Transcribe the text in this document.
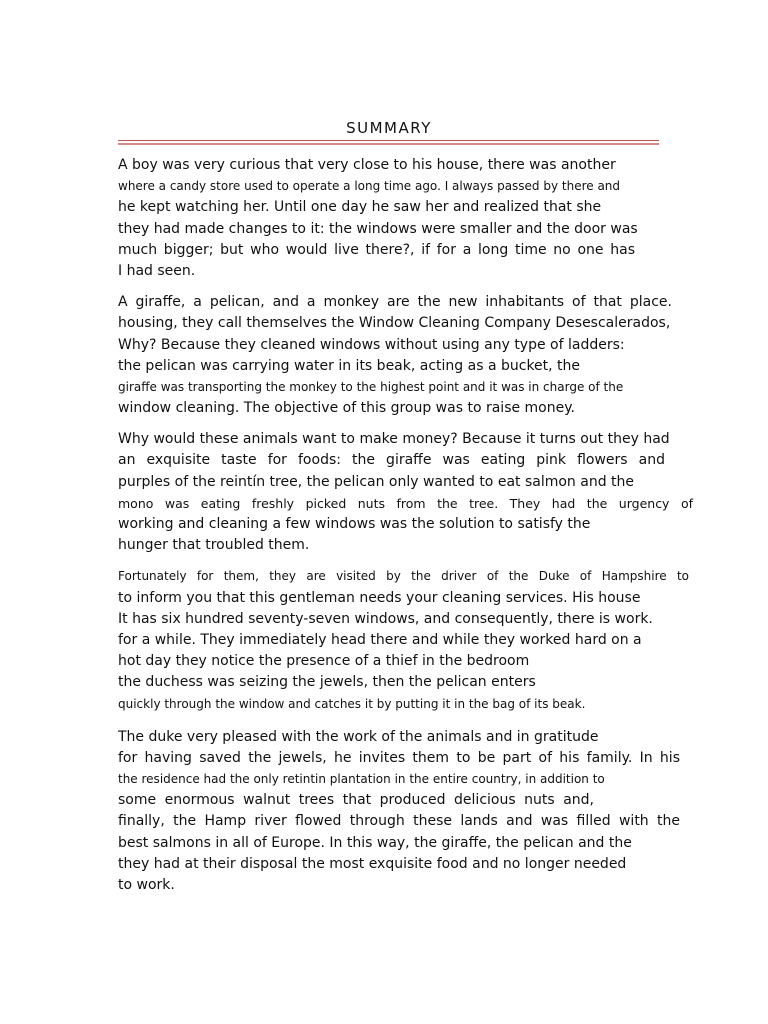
SUMMARY
A boy was very curious that very close to his house, there was another
where a candy store used to operate a long time ago. I always passed by there and
he kept watching her. Until one day he saw her and realized that she
they had made changes to it: the windows were smaller and the door was
much bigger; but who would live there?, if for a long time no one has
I had seen.
A giraffe, a pelican, and a monkey are the new inhabitants of that place.
housing, they call themselves the Window Cleaning Company Desescalerados,
Why? Because they cleaned windows without using any type of ladders:
the pelican was carrying water in its beak, acting as a bucket, the
giraffe was transporting the monkey to the highest point and it was in charge of the
window cleaning. The objective of this group was to raise money.
Why would these animals want to make money? Because it turns out they had
an exquisite taste for foods: the giraffe was eating pink flowers and
purples of the reintín tree, the pelican only wanted to eat salmon and the
mono was eating freshly picked nuts from the tree. They had the urgency of
working and cleaning a few windows was the solution to satisfy the
hunger that troubled them.
Fortunately for them, they are visited by the driver of the Duke of Hampshire to
to inform you that this gentleman needs your cleaning services. His house
It has six hundred seventy-seven windows, and consequently, there is work.
for a while. They immediately head there and while they worked hard on a
hot day they notice the presence of a thief in the bedroom
the duchess was seizing the jewels, then the pelican enters
quickly through the window and catches it by putting it in the bag of its beak.
The duke very pleased with the work of the animals and in gratitude
for having saved the jewels, he invites them to be part of his family. In his
the residence had the only retintin plantation in the entire country, in addition to
some enormous walnut trees that produced delicious nuts and,
finally, the Hamp river flowed through these lands and was filled with the
best salmons in all of Europe. In this way, the giraffe, the pelican and the
they had at their disposal the most exquisite food and no longer needed
to work.
